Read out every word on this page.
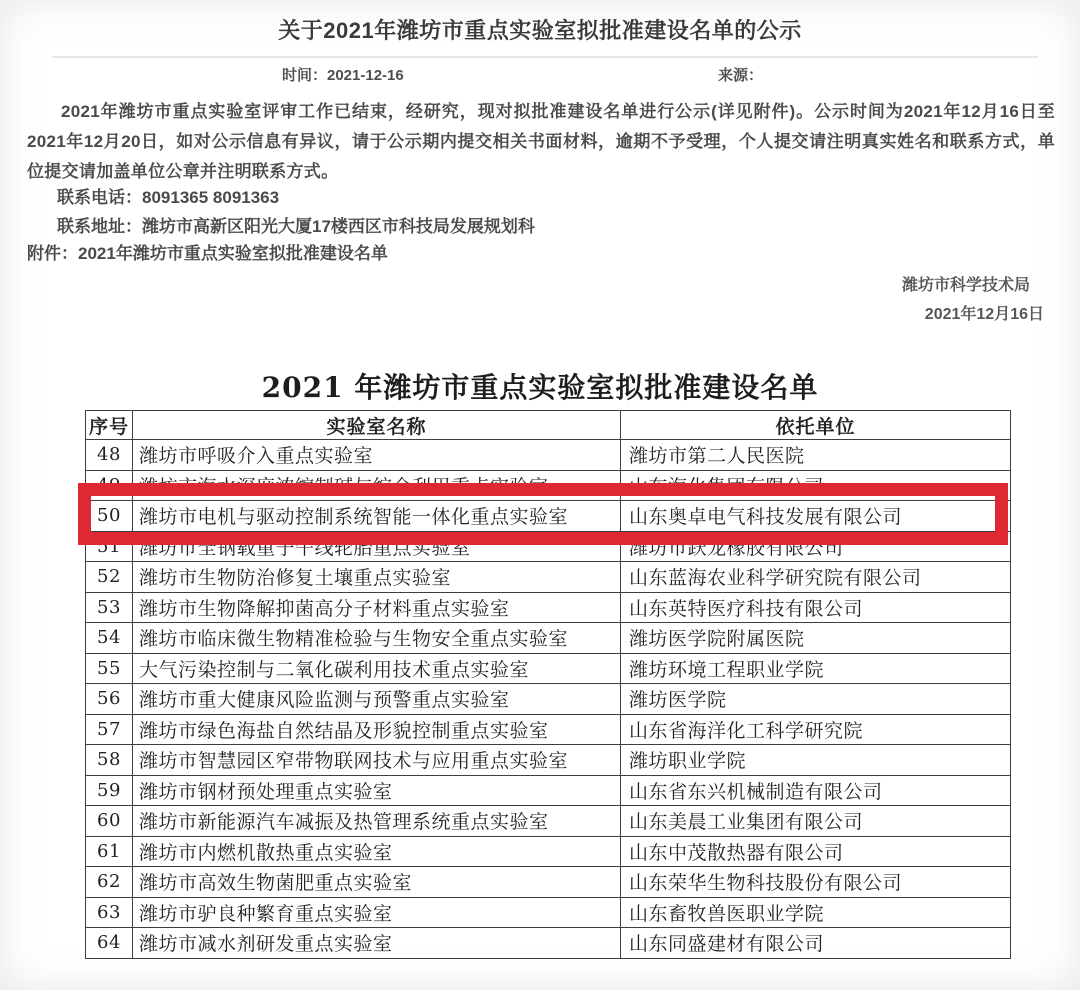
关于2021年潍坊市重点实验室拟批准建设名单的公示
时间：2021-12-16	来源：
2021年潍坊市重点实验室评审工作已结束，经研究，现对拟批准建设名单进行公示(详见附件)。公示时间为2021年12月16日至2021年12月20日，如对公示信息有异议，请于公示期内提交相关书面材料，逾期不予受理，个人提交请注明真实姓名和联系方式，单位提交请加盖单位公章并注明联系方式。
联系电话：8091365 8091363
联系地址：潍坊市高新区阳光大厦17楼西区市科技局发展规划科
附件：2021年潍坊市重点实验室拟批准建设名单
潍坊市科学技术局
2021年12月16日
2021 年潍坊市重点实验室拟批准建设名单
序号	实验室名称	依托单位
48	潍坊市呼吸介入重点实验室	潍坊市第二人民医院
49	潍坊市海水深度浓缩制碱与综合利用重点实验室	山东海化集团有限公司
50	潍坊市电机与驱动控制系统智能一体化重点实验室	山东奥卓电气科技发展有限公司
51	潍坊市全钢载重子午线轮胎重点实验室	潍坊市跃龙橡胶有限公司
52	潍坊市生物防治修复土壤重点实验室	山东蓝海农业科学研究院有限公司
53	潍坊市生物降解抑菌高分子材料重点实验室	山东英特医疗科技有限公司
54	潍坊市临床微生物精准检验与生物安全重点实验室	潍坊医学院附属医院
55	大气污染控制与二氧化碳利用技术重点实验室	潍坊环境工程职业学院
56	潍坊市重大健康风险监测与预警重点实验室	潍坊医学院
57	潍坊市绿色海盐自然结晶及形貌控制重点实验室	山东省海洋化工科学研究院
58	潍坊市智慧园区窄带物联网技术与应用重点实验室	潍坊职业学院
59	潍坊市钢材预处理重点实验室	山东省东兴机械制造有限公司
60	潍坊市新能源汽车减振及热管理系统重点实验室	山东美晨工业集团有限公司
61	潍坊市内燃机散热重点实验室	山东中茂散热器有限公司
62	潍坊市高效生物菌肥重点实验室	山东荣华生物科技股份有限公司
63	潍坊市驴良种繁育重点实验室	山东畜牧兽医职业学院
64	潍坊市减水剂研发重点实验室	山东同盛建材有限公司
